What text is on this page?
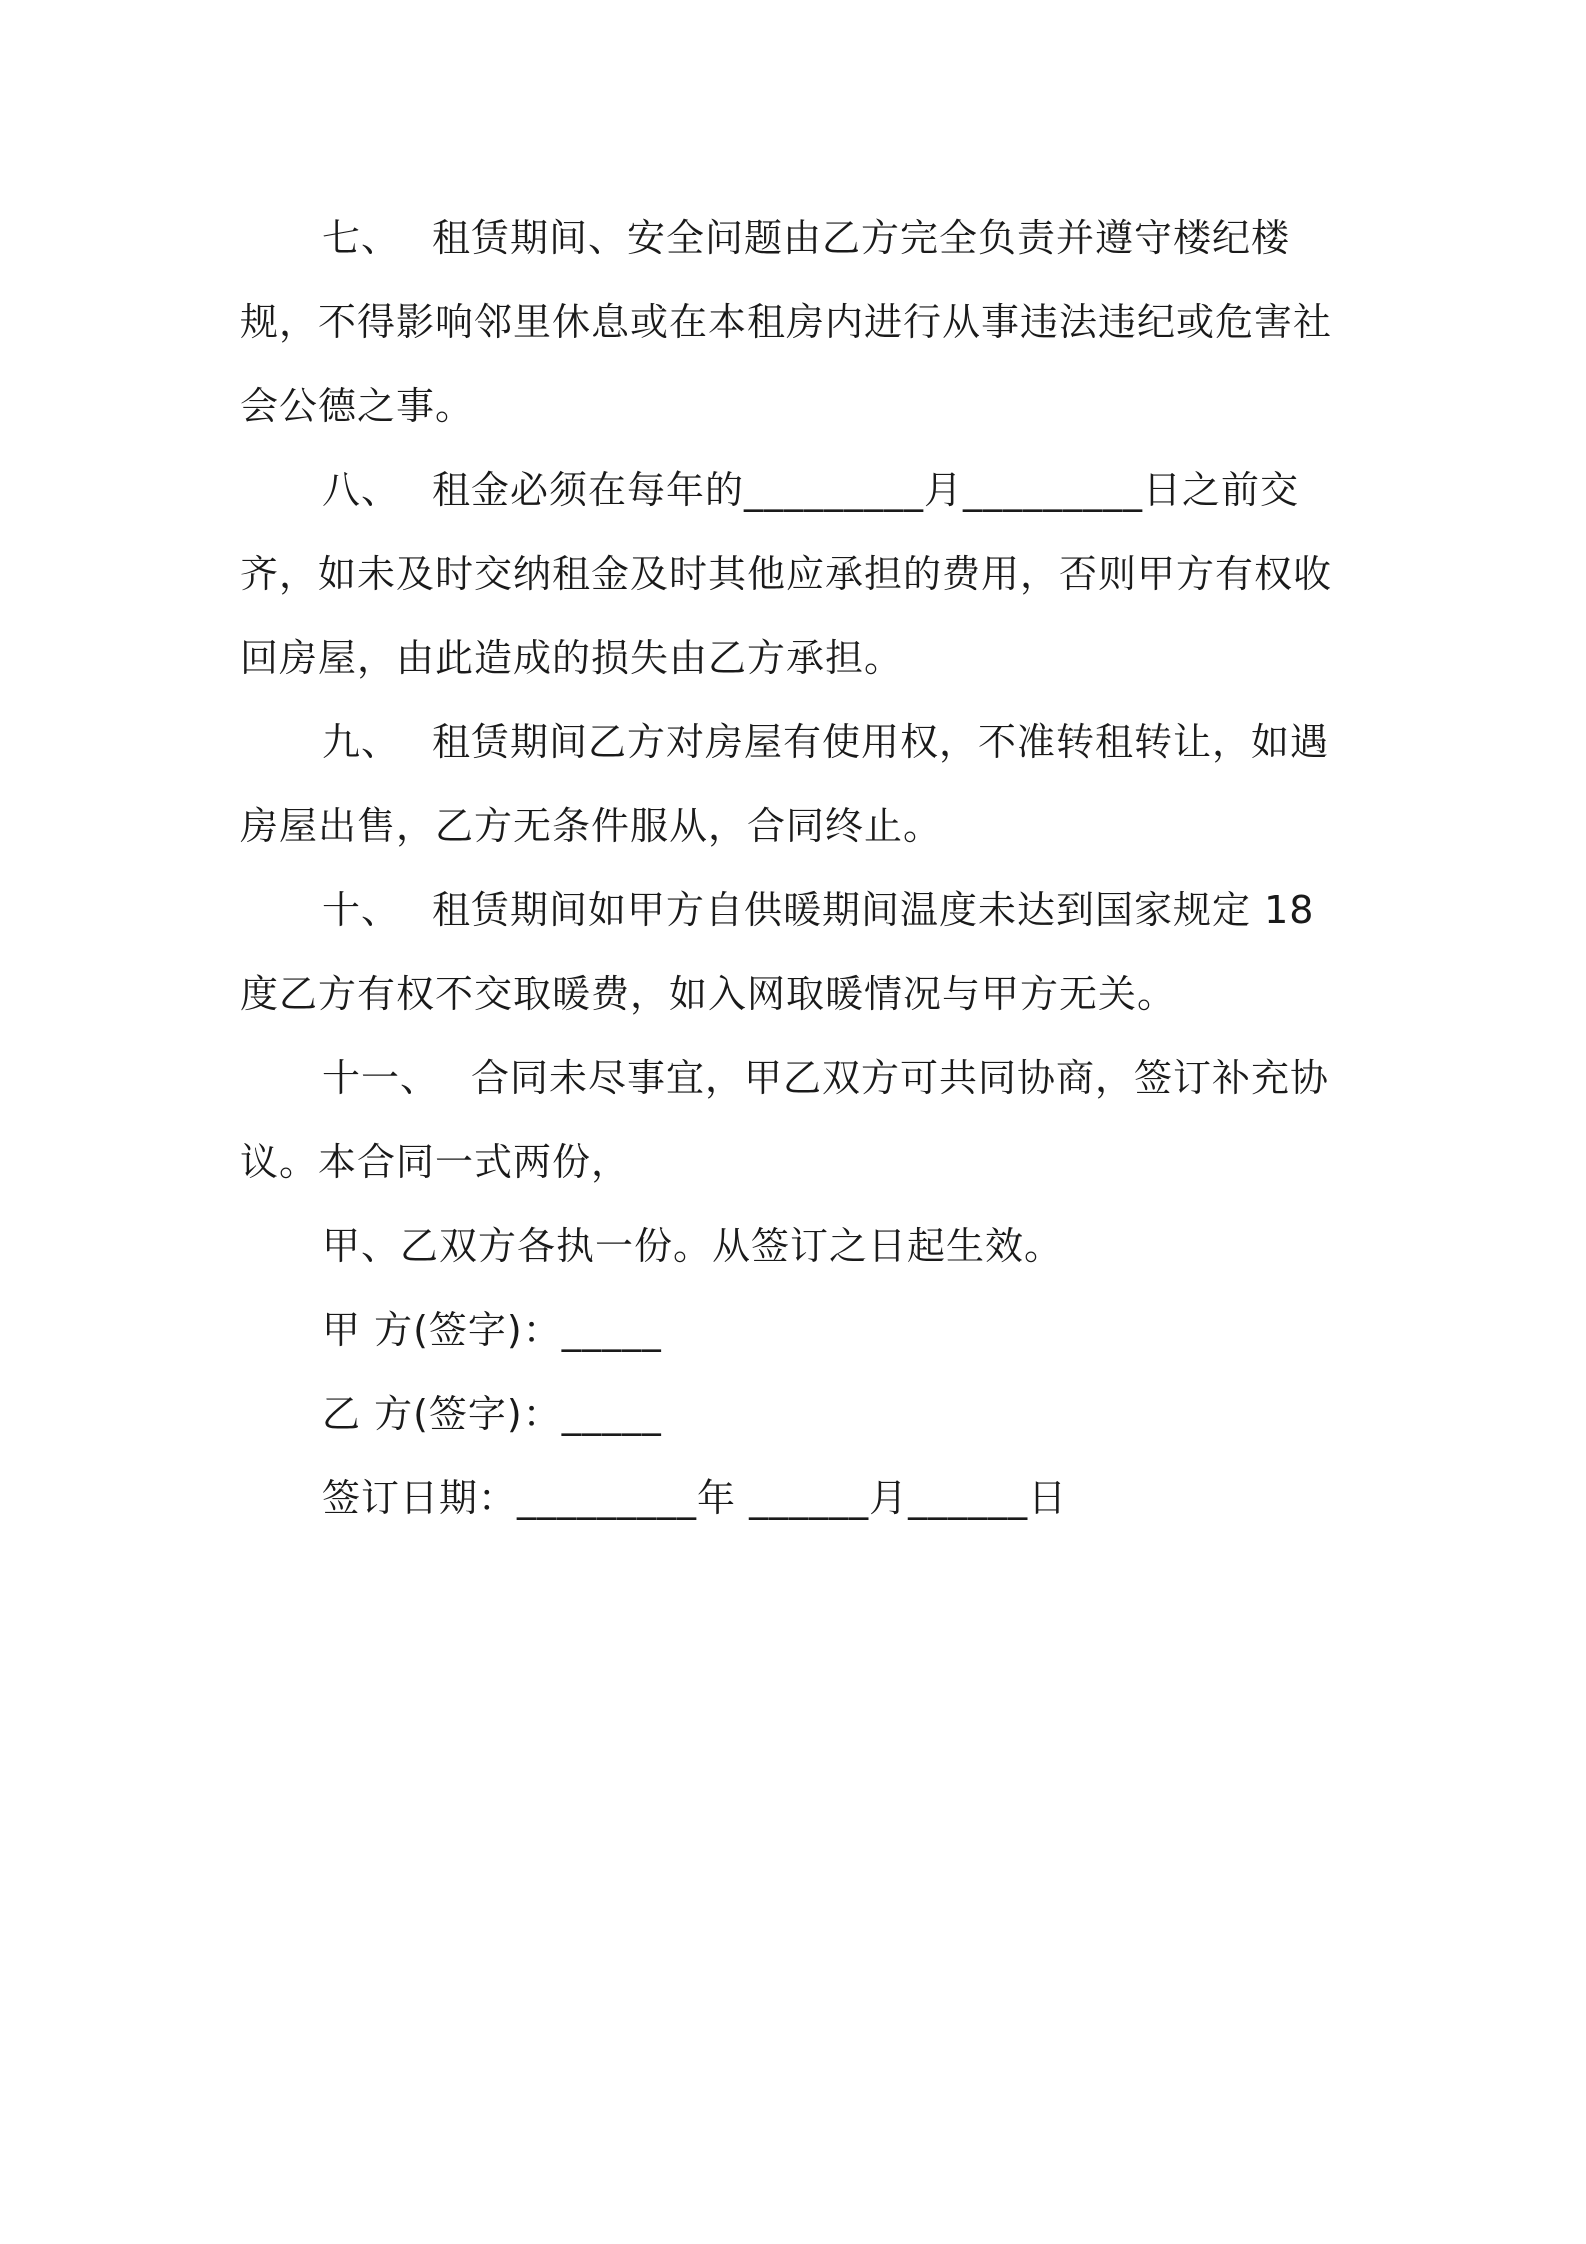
七、 租赁期间、安全问题由乙方完全负责并遵守楼纪楼规，不得影响邻里休息或在本租房内进行从事违法违纪或危害社会公德之事。

八、 租金必须在每年的_________月_________日之前交齐，如未及时交纳租金及时其他应承担的费用，否则甲方有权收回房屋，由此造成的损失由乙方承担。

九、 租赁期间乙方对房屋有使用权，不准转租转让，如遇房屋出售，乙方无条件服从，合同终止。

十、 租赁期间如甲方自供暖期间温度未达到国家规定 18 度乙方有权不交取暖费，如入网取暖情况与甲方无关。

十一、 合同未尽事宜，甲乙双方可共同协商，签订补充协议。本合同一式两份，

甲、乙双方各执一份。从签订之日起生效。

甲 方(签字)：_____

乙 方(签字)：_____

签订日期：_________年 ______月______日
